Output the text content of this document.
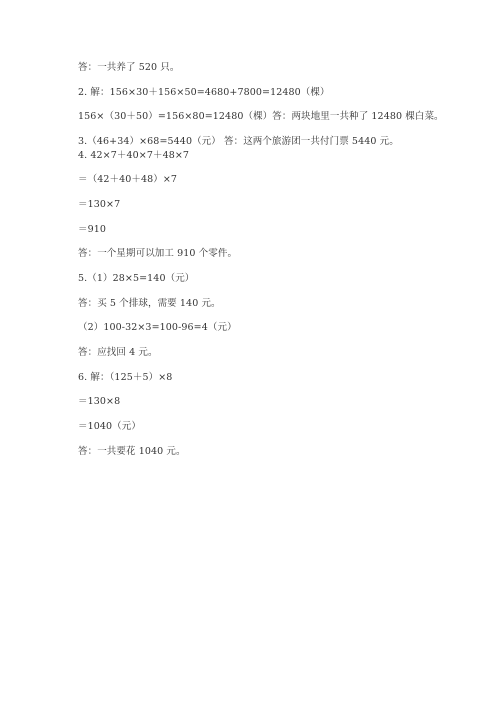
答：一共养了 520 只。
2. 解：156×30＋156×50=4680+7800=12480（棵）
156×（30＋50）=156×80=12480（棵）答：两块地里一共种了 12480 棵白菜。
3.（46+34）×68=5440（元） 答：这两个旅游团一共付门票 5440 元。
4. 42×7＋40×7＋48×7
＝（42＋40＋48）×7
＝130×7
＝910
答：一个星期可以加工 910 个零件。
5.（1）28×5=140（元）
答：买 5 个排球，需要 140 元。
（2）100-32×3=100-96=4（元）
答：应找回 4 元。
6. 解：（125＋5）×8
＝130×8
＝1040（元）
答：一共要花 1040 元。
